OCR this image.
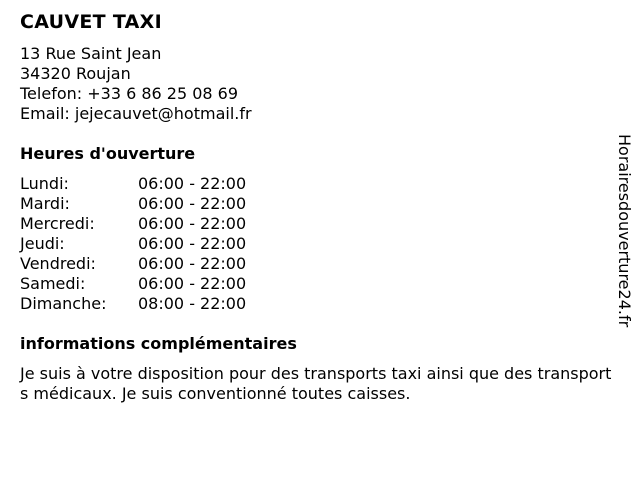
CAUVET TAXI
13 Rue Saint Jean
34320 Roujan
Telefon: +33 6 86 25 08 69
Email: jejecauvet@hotmail.fr
Heures d'ouverture
Lundi:	06:00 - 22:00
Mardi:	06:00 - 22:00
Mercredi:	06:00 - 22:00
Jeudi:	06:00 - 22:00
Vendredi:	06:00 - 22:00
Samedi:	06:00 - 22:00
Dimanche:	08:00 - 22:00
informations complémentaires
Je suis à votre disposition pour des transports taxi ainsi que des transports médicaux. Je suis conventionné toutes caisses.
Horairesdouverture24.fr
